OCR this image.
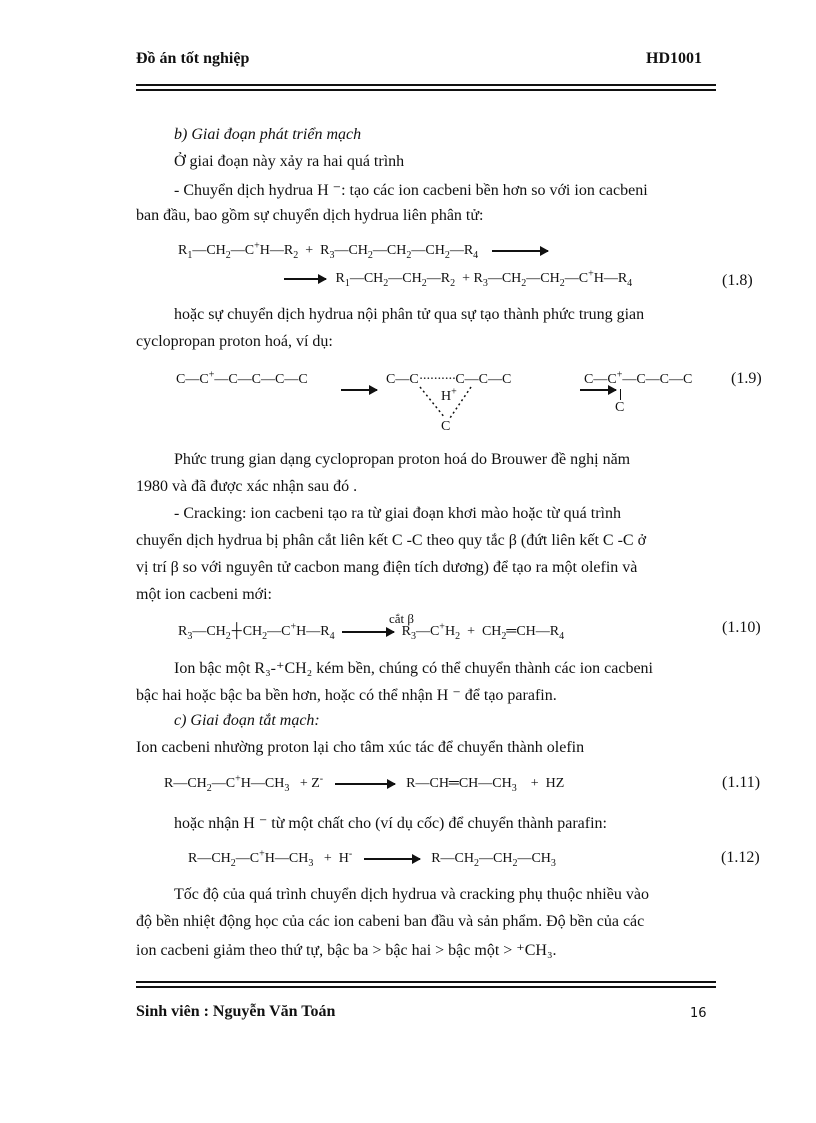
Đồ án tốt nghiệp	HD1001
b) Giai đoạn phát triển mạch
Ở giai đoạn này xảy ra hai quá trình
- Chuyển dịch hydrua H ⁻: tạo các ion cacbeni bền hơn so với ion cacbeni
ban đầu, bao gồm sự chuyển dịch hydrua liên phân tử:
$R_1—CH_2—C^+H—R_2$  +  $R_3—CH_2—CH_2—CH_2—R_4$ →
→ $R_1—CH_2—CH_2—R_2$  + $R_3—CH_2—CH_2—C^+H—R_4$	(1.8)
hoặc sự chuyển dịch hydrua nội phân tử qua sự tạo thành phức trung gian
cyclopropan proton hoá, ví dụ:
C—C+—C—C—C—C
	C—C··········C—C—C
H+
C
C—C+—C—C—C
C
(1.9)
Phức trung gian dạng cyclopropan proton hoá do Brouwer đề nghị năm
1980 và đã được xác nhận sau đó .
- Cracking: ion cacbeni tạo ra từ giai đoạn khơi mào hoặc từ quá trình
chuyển dịch hydrua bị phân cắt liên kết C -C theo quy tắc β (đứt liên kết C -C ở
vị trí β so với nguyên tử cacbon mang điện tích dương) để tạo ra một olefin và
một ion cacbeni mới:
$R_3—CH_2┼CH_2—C^+H—R_4$	$R_3—C^+H_2$  +  $CH_2═CH—R_4$
cắt β
(1.10)
Ion bậc một R₃-⁺CH₂ kém bền, chúng có thể chuyển thành các ion cacbeni
bậc hai hoặc bậc ba bền hơn, hoặc có thể nhận H ⁻ để tạo parafin.
c) Giai đoạn tắt mạch:
Ion cacbeni nhường proton lại cho tâm xúc tác để chuyển thành olefin
$R—CH_2—C^+H—CH_3 + Z^-$	$R—CH═CH—CH_3$    +  HZ	(1.11)
hoặc nhận H ⁻ từ một chất cho (ví dụ cốc) để chuyển thành parafin:
$R—CH_2—C^+H—CH_3 + H^-$ → $R—CH_2—CH_2—CH_3$	(1.12)
Tốc độ của quá trình chuyển dịch hydrua và cracking phụ thuộc nhiều vào
độ bền nhiệt động học của các ion cabeni ban đầu và sản phẩm. Độ bền của các
ion cacbeni giảm theo thứ tự, bậc ba > bậc hai > bậc một > ⁺CH₃.
Sinh viên : Nguyễn Văn Toán	16
